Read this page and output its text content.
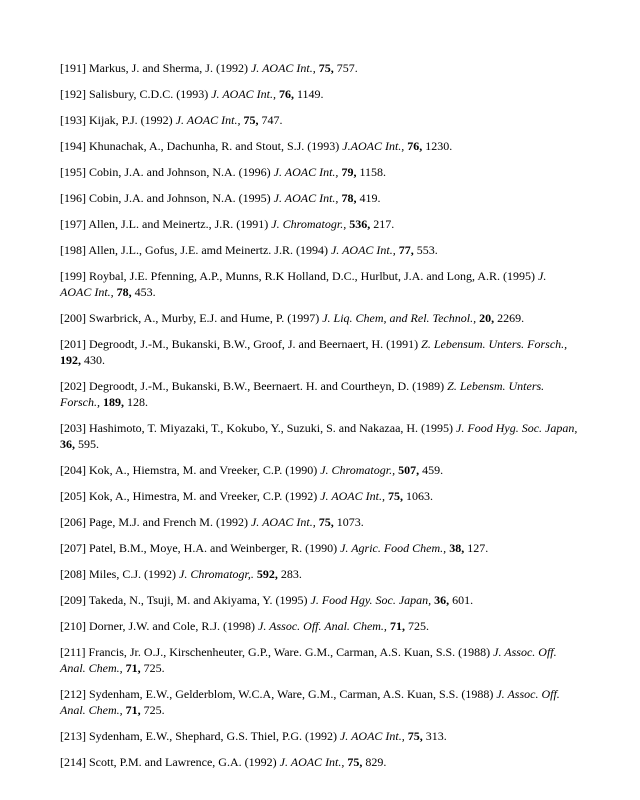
[191] Markus, J. and Sherma, J. (1992) J. AOAC Int., 75, 757.

[192] Salisbury, C.D.C. (1993) J. AOAC Int., 76, 1149.

[193] Kijak, P.J. (1992) J. AOAC Int., 75, 747.

[194] Khunachak, A., Dachunha, R. and Stout, S.J. (1993) J.AOAC Int., 76, 1230.

[195] Cobin, J.A. and Johnson, N.A. (1996) J. AOAC Int., 79, 1158.

[196] Cobin, J.A. and Johnson, N.A. (1995) J. AOAC Int., 78, 419.

[197] Allen, J.L. and Meinertz., J.R. (1991) J. Chromatogr., 536, 217.

[198] Allen, J.L., Gofus, J.E. amd Meinertz. J.R. (1994) J. AOAC Int., 77, 553.

[199] Roybal, J.E. Pfenning, A.P., Munns, R.K Holland, D.C., Hurlbut, J.A. and Long, A.R. (1995) J. AOAC Int., 78, 453.

[200] Swarbrick, A., Murby, E.J. and Hume, P. (1997) J. Liq. Chem, and Rel. Technol., 20, 2269.

[201] Degroodt, J.-M., Bukanski, B.W., Groof, J. and Beernaert, H. (1991) Z. Lebensum. Unters. Forsch., 192, 430.

[202] Degroodt, J.-M., Bukanski, B.W., Beernaert. H. and Courtheyn, D. (1989) Z. Lebensm. Unters. Forsch., 189, 128.

[203] Hashimoto, T. Miyazaki, T., Kokubo, Y., Suzuki, S. and Nakazaa, H. (1995) J. Food Hyg. Soc. Japan, 36, 595.

[204] Kok, A., Hiemstra, M. and Vreeker, C.P. (1990) J. Chromatogr., 507, 459.

[205] Kok, A., Himestra, M. and Vreeker, C.P. (1992) J. AOAC Int., 75, 1063.

[206] Page, M.J. and French M. (1992) J. AOAC Int., 75, 1073.

[207] Patel, B.M., Moye, H.A. and Weinberger, R. (1990) J. Agric. Food Chem., 38, 127.

[208] Miles, C.J. (1992) J. Chromatogr,. 592, 283.

[209] Takeda, N., Tsuji, M. and Akiyama, Y. (1995) J. Food Hgy. Soc. Japan, 36, 601.

[210] Dorner, J.W. and Cole, R.J. (1998) J. Assoc. Off. Anal. Chem., 71, 725.

[211] Francis, Jr. O.J., Kirschenheuter, G.P., Ware. G.M., Carman, A.S. Kuan, S.S. (1988) J. Assoc. Off. Anal. Chem., 71, 725.

[212] Sydenham, E.W., Gelderblom, W.C.A, Ware, G.M., Carman, A.S. Kuan, S.S. (1988) J. Assoc. Off. Anal. Chem., 71, 725.

[213] Sydenham, E.W., Shephard, G.S. Thiel, P.G. (1992) J. AOAC Int., 75, 313.

[214] Scott, P.M. and Lawrence, G.A. (1992) J. AOAC Int., 75, 829.
